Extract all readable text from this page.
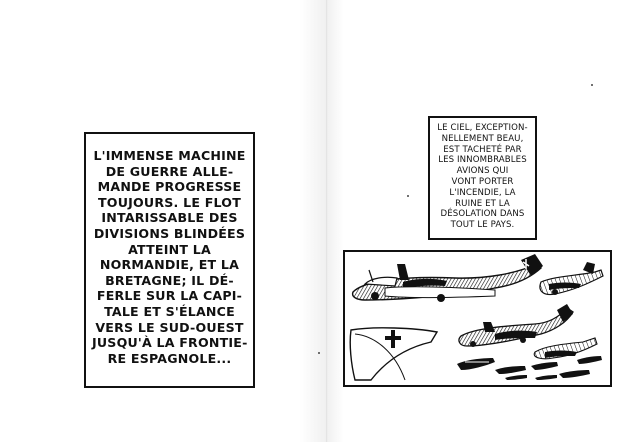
L'IMMENSE MACHINE
DE GUERRE ALLE-
MANDE PROGRESSE
TOUJOURS. LE FLOT
INTARISSABLE DES
DIVISIONS BLINDÉES
ATTEINT LA
NORMANDIE, ET LA
BRETAGNE; IL DÉ-
FERLE SUR LA CAPI-
TALE ET S'ÉLANCE
VERS LE SUD-OUEST
JUSQU'À LA FRONTIE-
RE ESPAGNOLE...
LE CIEL, EXCEPTION-
NELLEMENT BEAU,
EST TACHETÉ PAR
LES INNOMBRABLES
AVIONS QUI
VONT PORTER
L'INCENDIE, LA
RUINE ET LA
DÉSOLATION DANS
TOUT LE PAYS.
